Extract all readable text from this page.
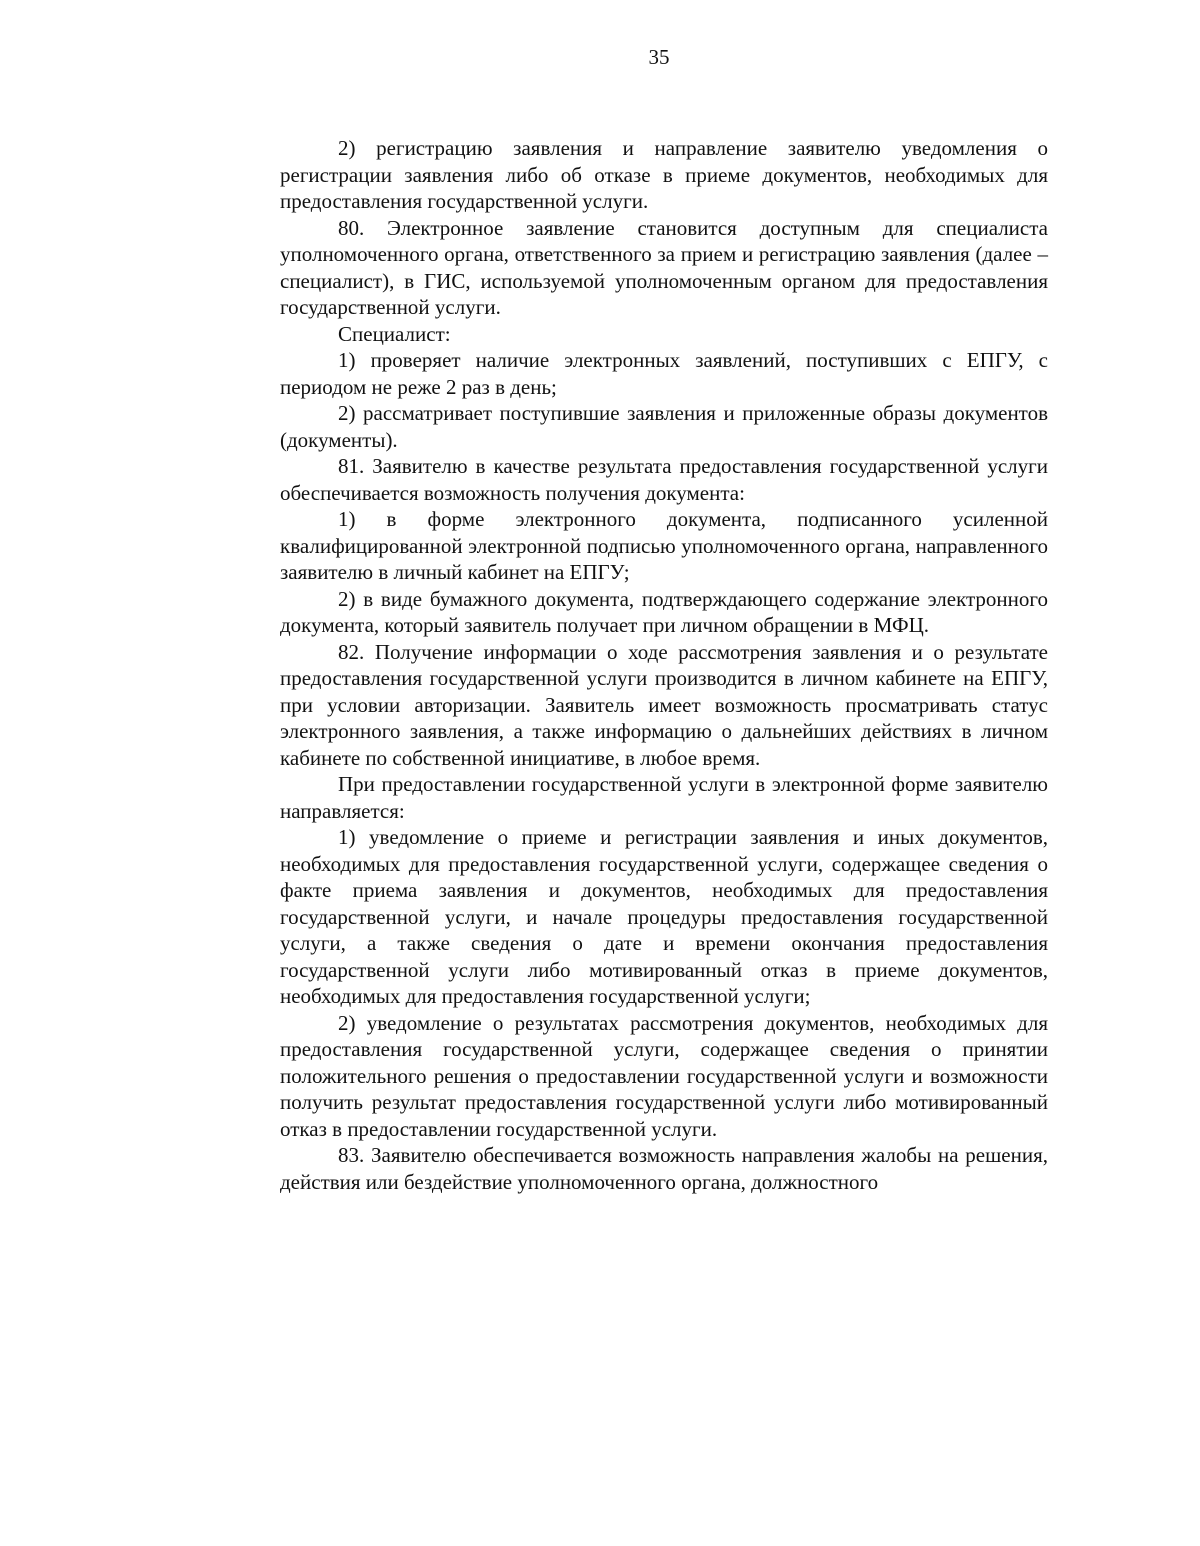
35

2) регистрацию заявления и направление заявителю уведомления о регистрации заявления либо об отказе в приеме документов, необходимых для предоставления государственной услуги.

80. Электронное заявление становится доступным для специалиста уполномоченного органа, ответственного за прием и регистрацию заявления (далее – специалист), в ГИС, используемой уполномоченным органом для предоставления государственной услуги.

Специалист:

1) проверяет наличие электронных заявлений, поступивших с ЕПГУ, с периодом не реже 2 раз в день;

2) рассматривает поступившие заявления и приложенные образы документов (документы).

81. Заявителю в качестве результата предоставления государственной услуги обеспечивается возможность получения документа:

1) в форме электронного документа, подписанного усиленной квалифицированной электронной подписью уполномоченного органа, направленного заявителю в личный кабинет на ЕПГУ;

2) в виде бумажного документа, подтверждающего содержание электронного документа, который заявитель получает при личном обращении в МФЦ.

82. Получение информации о ходе рассмотрения заявления и о результате предоставления государственной услуги производится в личном кабинете на ЕПГУ, при условии авторизации. Заявитель имеет возможность просматривать статус электронного заявления, а также информацию о дальнейших действиях в личном кабинете по собственной инициативе, в любое время.

При предоставлении государственной услуги в электронной форме заявителю направляется:

1) уведомление о приеме и регистрации заявления и иных документов, необходимых для предоставления государственной услуги, содержащее сведения о факте приема заявления и документов, необходимых для предоставления государственной услуги, и начале процедуры предоставления государственной услуги, а также сведения о дате и времени окончания предоставления государственной услуги либо мотивированный отказ в приеме документов, необходимых для предоставления государственной услуги;

2) уведомление о результатах рассмотрения документов, необходимых для предоставления государственной услуги, содержащее сведения о принятии положительного решения о предоставлении государственной услуги и возможности получить результат предоставления государственной услуги либо мотивированный отказ в предоставлении государственной услуги.

83. Заявителю обеспечивается возможность направления жалобы на решения, действия или бездействие уполномоченного органа, должностного
